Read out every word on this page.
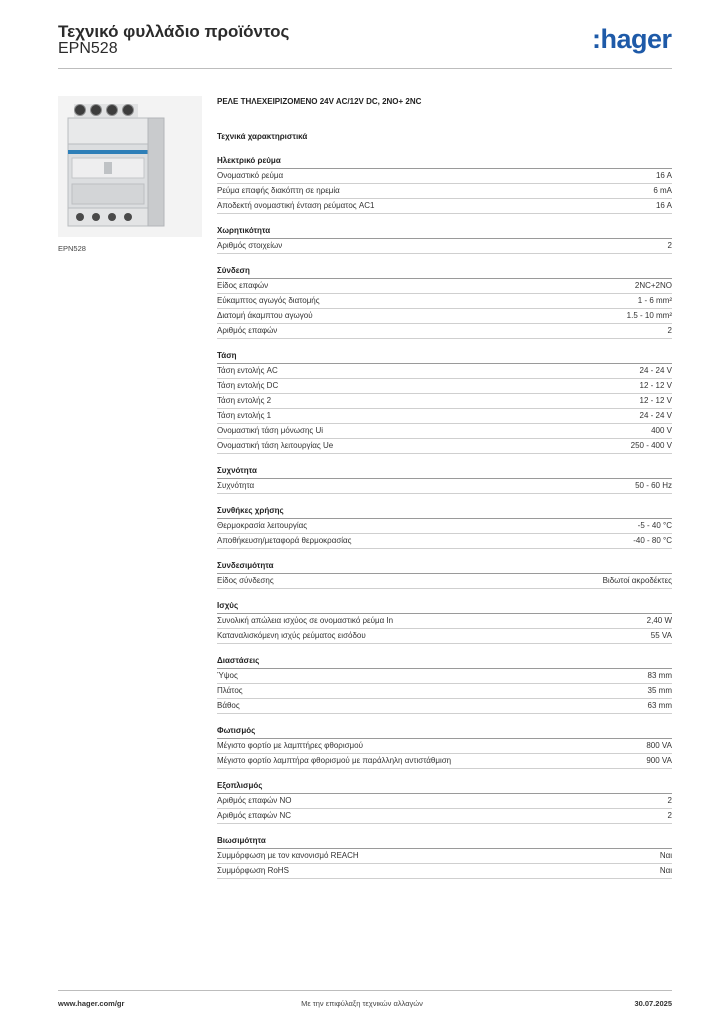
Τεχνικό φυλλάδιο προϊόντος
EPN528	:hager
EPN528
ΡΕΛΕ ΤΗΛΕΧΕΙΡΙΖΟΜΕΝΟ 24V AC/12V DC, 2NO+ 2NC
Τεχνικά χαρακτηριστικά
Ηλεκτρικό ρεύμα
Ονομαστικό ρεύμα	16 A
Ρεύμα επαφής διακόπτη σε ηρεμία	6 mA
Αποδεκτή ονομαστική ένταση ρεύματος AC1	16 A
Χωρητικότητα
Αριθμός στοιχείων	2
Σύνδεση
Είδος επαφών	2NC+2NO
Εύκαμπτος αγωγός διατομής	1 - 6 mm²
Διατομή άκαμπτου αγωγού	1.5 - 10 mm²
Αριθμός επαφών	2
Τάση
Τάση εντολής AC	24 - 24 V
Τάση εντολής DC	12 - 12 V
Τάση εντολής 2	12 - 12 V
Τάση εντολής 1	24 - 24 V
Ονομαστική τάση μόνωσης Ui	400 V
Ονομαστική τάση λειτουργίας Ue	250 - 400 V
Συχνότητα
Συχνότητα	50 - 60 Hz
Συνθήκες χρήσης
Θερμοκρασία λειτουργίας	-5 - 40 °C
Αποθήκευση/μεταφορά θερμοκρασίας	-40 - 80 °C
Συνδεσιμότητα
Είδος σύνδεσης	Βιδωτοί ακροδέκτες
Ισχύς
Συνολική απώλεια ισχύος σε ονομαστικό ρεύμα In	2,40 W
Καταναλισκόμενη ισχύς ρεύματος εισόδου	55 VA
Διαστάσεις
Ύψος	83 mm
Πλάτος	35 mm
Βάθος	63 mm
Φωτισμός
Μέγιστο φορτίο με λαμπτήρες φθορισμού	800 VA
Μέγιστο φορτίο λαμπτήρα φθορισμού με παράλληλη αντιστάθμιση	900 VA
Εξοπλισμός
Αριθμός επαφών NO	2
Αριθμός επαφών NC	2
Βιωσιμότητα
Συμμόρφωση με τον κανονισμό REACH	Ναι
Συμμόρφωση RoHS	Ναι
www.hager.com/gr	Με την επιφύλαξη τεχνικών αλλαγών	30.07.2025
